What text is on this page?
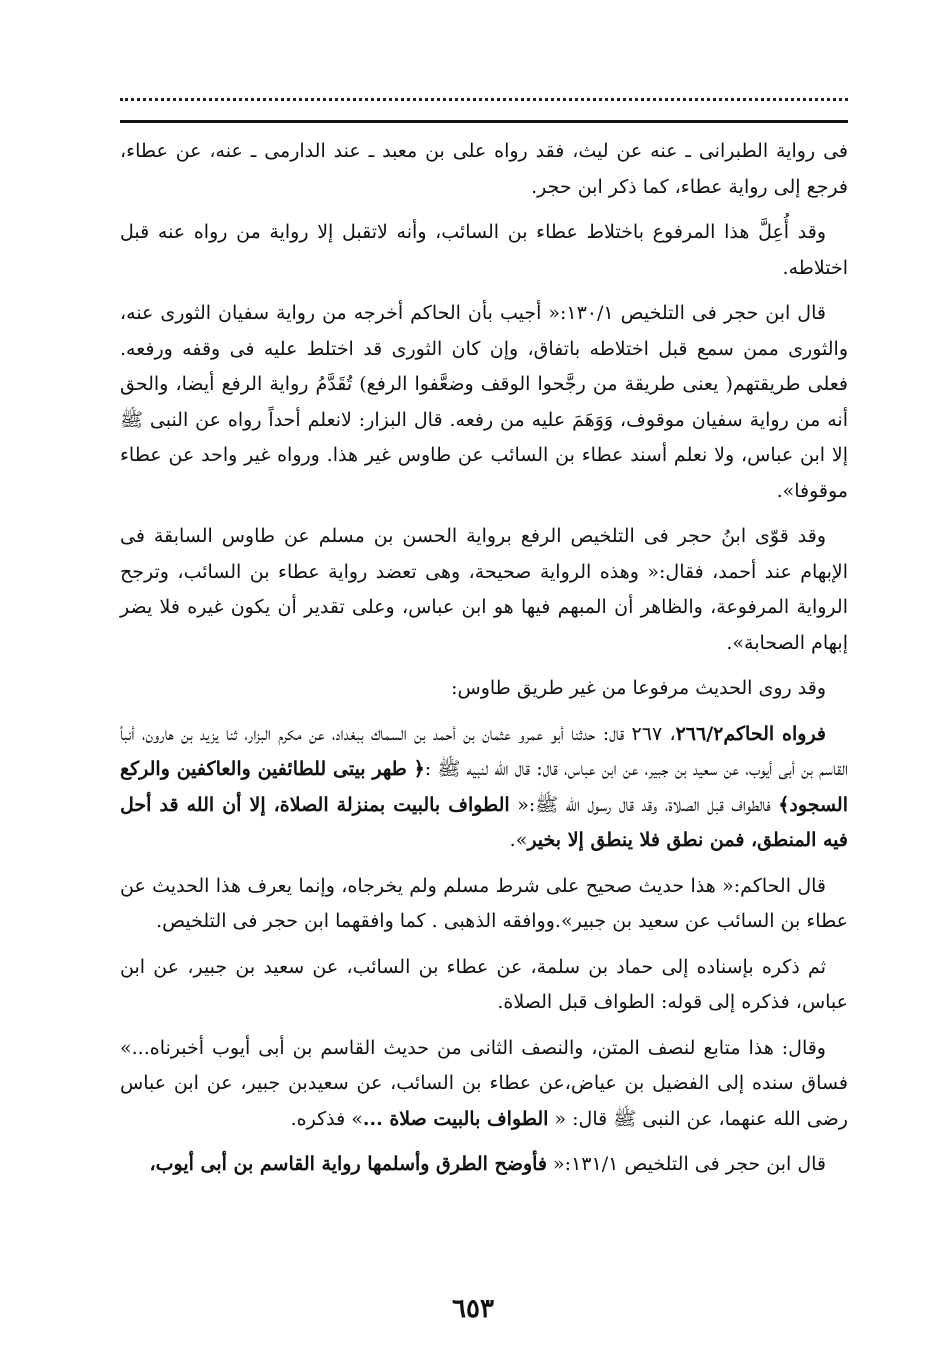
فى رواية الطبرانى ـ عنه عن ليث، فقد رواه على بن معبد ـ عند الدارمى ـ عنه، عن عطاء، فرجع إلى رواية عطاء، كما ذكر ابن حجر.

وقد أُعِلَّ هذا المرفوع باختلاط عطاء بن السائب، وأنه لاتقبل إلا رواية من رواه عنه قبل اختلاطه.

قال ابن حجر فى التلخيص ١٣٠/١:« أجيب بأن الحاكم أخرجه من رواية سفيان الثورى عنه، والثورى ممن سمع قبل اختلاطه باتفاق، وإن كان الثورى قد اختلط عليه فى وقفه ورفعه. فعلى طريقتهم( يعنى طريقة من رجَّحوا الوقف وضعَّفوا الرفع) تُقَدَّمُ رواية الرفع أيضا، والحق أنه من رواية سفيان موقوف، وَوَهَمَ عليه من رفعه. قال البزار: لانعلم أحداً رواه عن النبى ﷺ إلا ابن عباس، ولا نعلم أسند عطاء بن السائب عن طاوس غير هذا. ورواه غير واحد عن عطاء موقوفا».

وقد قوّى ابنُ حجر فى التلخيص الرفع برواية الحسن بن مسلم عن طاوس السابقة فى الإبهام عند أحمد، فقال:« وهذه الرواية صحيحة، وهى تعضد رواية عطاء بن السائب، وترجح الرواية المرفوعة، والظاهر أن المبهم فيها هو ابن عباس، وعلى تقدير أن يكون غيره فلا يضر إبهام الصحابة».

وقد روى الحديث مرفوعا من غير طريق طاوس:

فرواه الحاكم٢٦٦/٢، ٢٦٧ قال: حدثنا أبو عمرو عثمان بن أحمد بن السماك ببغداد، عن مكرم البزار، ثنا يزيد بن هارون، أنبأ القاسم بن أبى أيوب، عن سعيد بن جبير، عن ابن عباس، قال: قال الله لنبيه ﷺ :﴿ طهر بيتى للطائفين والعاكفين والركع السجود﴾ فالطواف قبل الصلاة، وقد قال رسول الله ﷺ:« الطواف بالبيت بمنزلة الصلاة، إلا أن الله قد أحل فيه المنطق، فمن نطق فلا ينطق إلا بخير».

قال الحاكم:« هذا حديث صحيح على شرط مسلم ولم يخرجاه، وإنما يعرف هذا الحديث عن عطاء بن السائب عن سعيد بن جبير».ووافقه الذهبى . كما وافقهما ابن حجر فى التلخيص.

ثم ذكره بإسناده إلى حماد بن سلمة، عن عطاء بن السائب، عن سعيد بن جبير، عن ابن عباس، فذكره إلى قوله: الطواف قبل الصلاة.

وقال: هذا متابع لنصف المتن، والنصف الثانى من حديث القاسم بن أبى أيوب أخبرناه...» فساق سنده إلى الفضيل بن عياض،عن عطاء بن السائب، عن سعيدبن جبير، عن ابن عباس رضى الله عنهما، عن النبى ﷺ قال: « الطواف بالبيت صلاة ...» فذكره.

قال ابن حجر فى التلخيص ١٣١/١:« فأوضح الطرق وأسلمها رواية القاسم بن أبى أيوب،

٦٥٣
